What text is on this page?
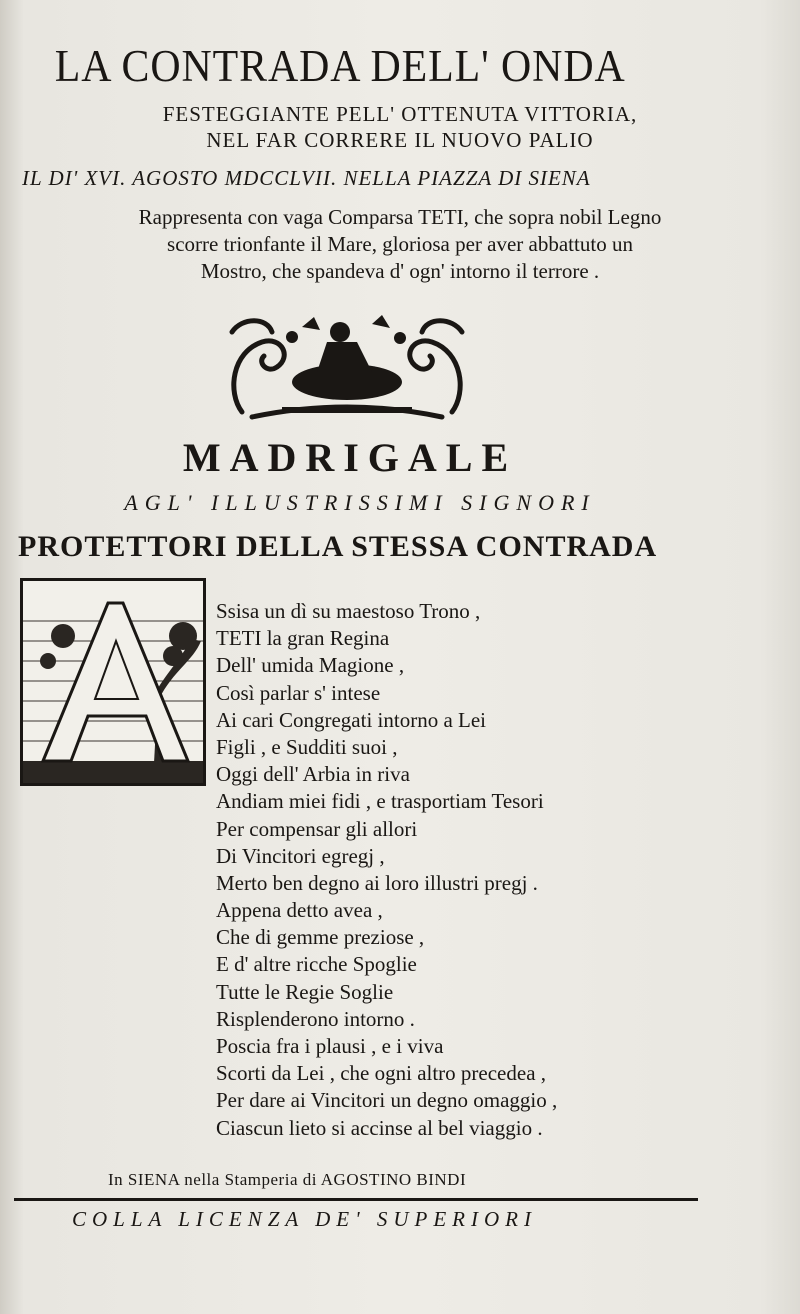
LA CONTRADA DELL' ONDA
FESTEGGIANTE PELL' OTTENUTA VITTORIA,
NEL FAR CORRERE IL NUOVO PALIO
IL DI' XVI. AGOSTO MDCCLVII. NELLA PIAZZA DI SIENA
Rappresenta con vaga Comparsa TETI, che sopra nobil Legno
scorre trionfante il Mare, gloriosa per aver abbattuto un
Mostro, che spandeva d' ogn' intorno il terrore .
MADRIGALE
AGL' ILLUSTRISSIMI SIGNORI
PROTETTORI DELLA STESSA CONTRADA
Ssisa un dì su maestoso Trono ,
TETI la gran Regina
Dell' umida Magione ,
Così parlar s' intese
Ai cari Congregati intorno a Lei
Figli , e Sudditi suoi ,
Oggi dell' Arbia in riva
Andiam miei fidi , e trasportiam Tesori
Per compensar gli allori
Di Vincitori egregj ,
Merto ben degno ai loro illustri pregj .
Appena detto avea ,
Che di gemme preziose ,
E d' altre ricche Spoglie
Tutte le Regie Soglie
Risplenderono intorno .
Poscia fra i plausi , e i viva
Scorti da Lei , che ogni altro precedea ,
Per dare ai Vincitori un degno omaggio ,
Ciascun lieto si accinse al bel viaggio .
In SIENA nella Stamperia di AGOSTINO BINDI
COLLA LICENZA DE' SUPERIORI
